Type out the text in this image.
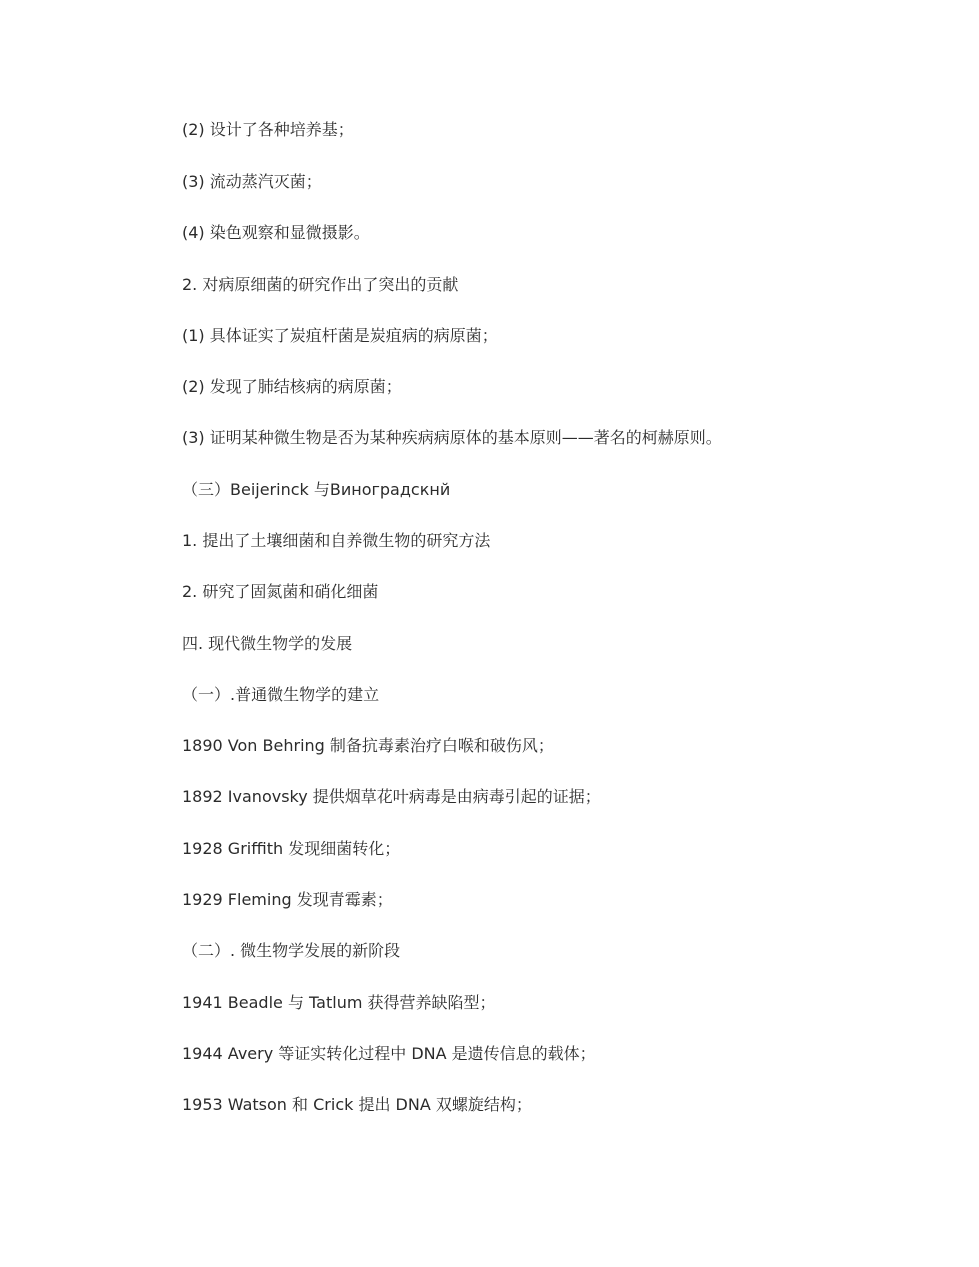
(2) 设计了各种培养基；

(3) 流动蒸汽灭菌；

(4) 染色观察和显微摄影。

2. 对病原细菌的研究作出了突出的贡献

(1) 具体证实了炭疽杆菌是炭疽病的病原菌；

(2) 发现了肺结核病的病原菌；

(3) 证明某种微生物是否为某种疾病病原体的基本原则——著名的柯赫原则。

（三）Beijerinck 与Виноградскнй

1. 提出了土壤细菌和自养微生物的研究方法

2. 研究了固氮菌和硝化细菌

四. 现代微生物学的发展

（一）.普通微生物学的建立

1890 Von Behring 制备抗毒素治疗白喉和破伤风；

1892 Ivanovsky 提供烟草花叶病毒是由病毒引起的证据；

1928 Griffith 发现细菌转化；

1929 Fleming 发现青霉素；

（二）. 微生物学发展的新阶段

1941 Beadle 与 Tatlum 获得营养缺陷型；

1944 Avery 等证实转化过程中 DNA 是遗传信息的载体；

1953 Watson 和 Crick 提出 DNA 双螺旋结构；
